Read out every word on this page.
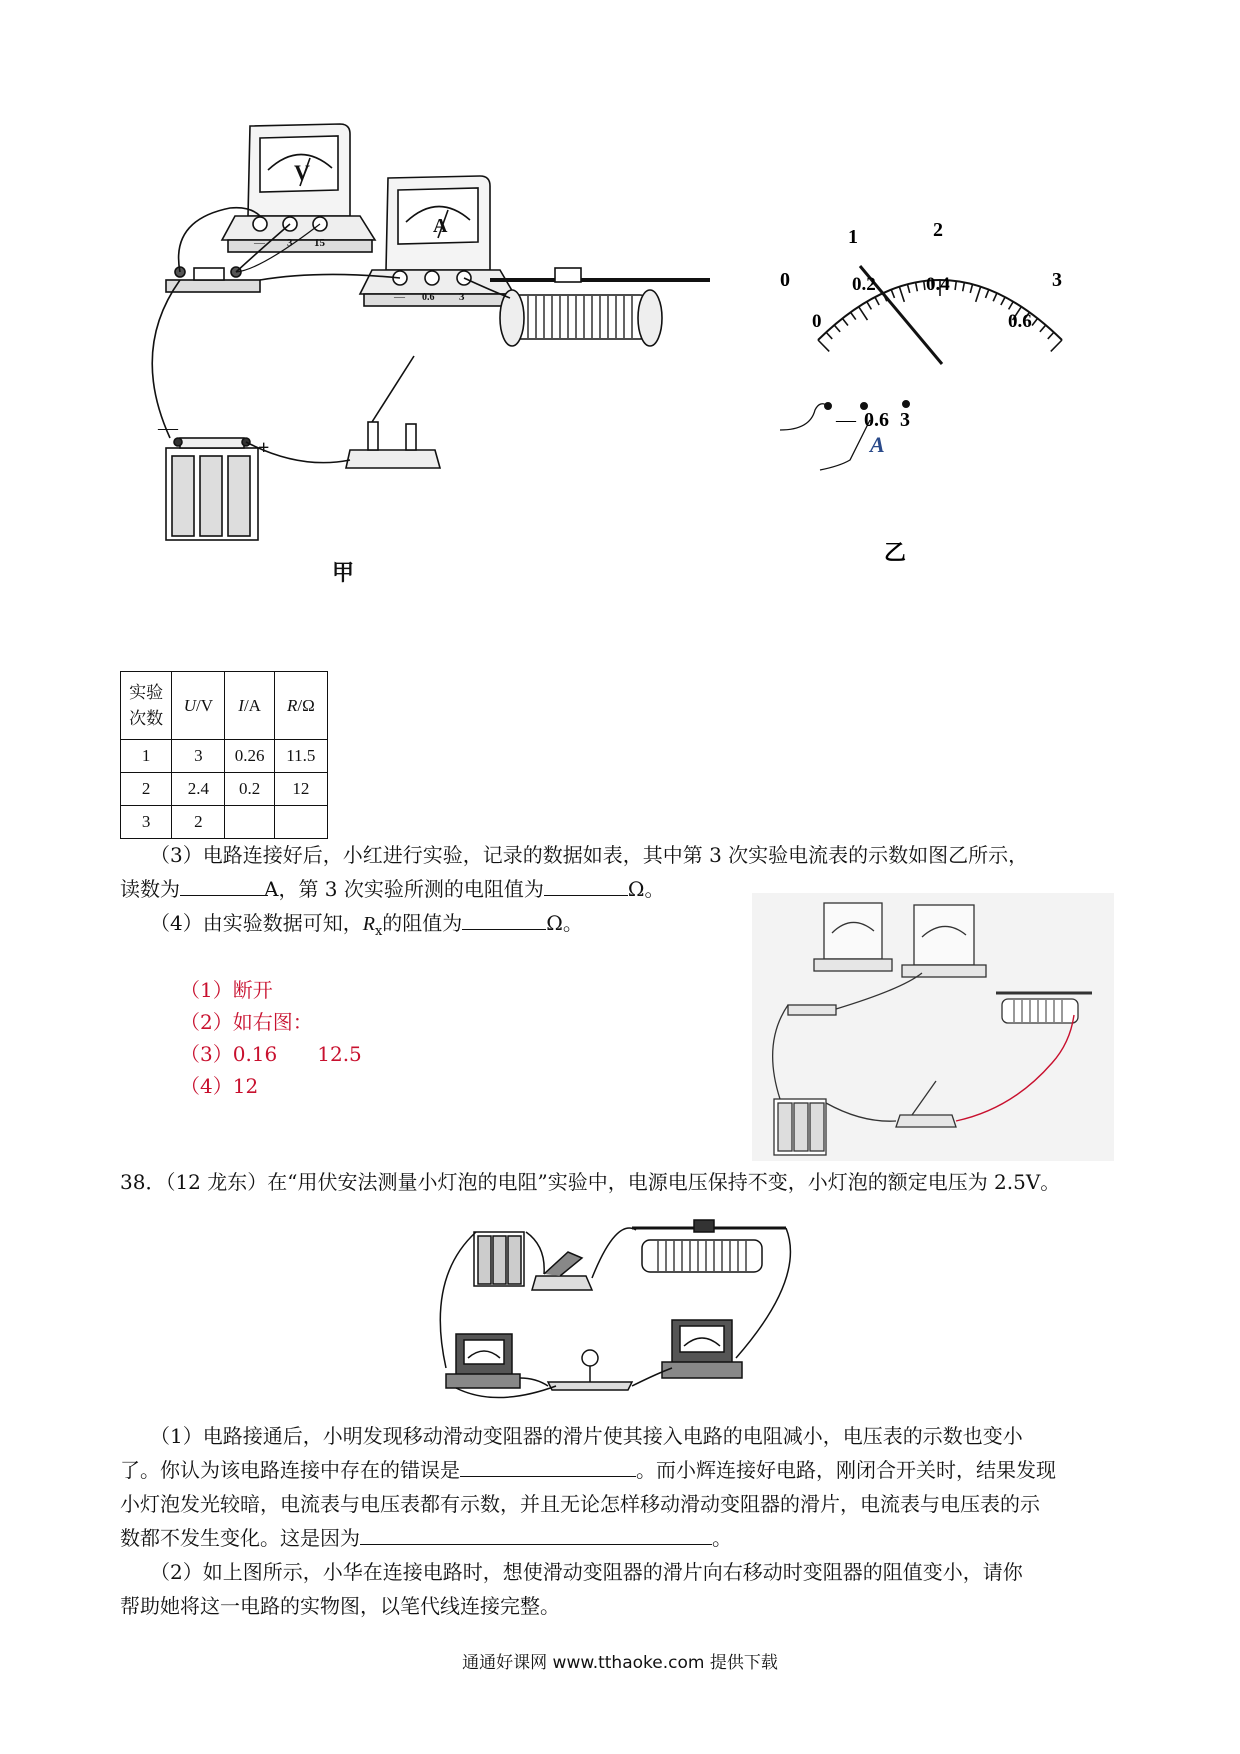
V
— 3 15
A
— 0.6 3
—
+
甲
0
1	2
3
0
0.2	0.4
0.6
— 0.6 3
A
乙
实验
次数	U/V	I/A	R/Ω
1	3	0.26	11.5
2	2.4	0.2	12
3	2		
（3）电路连接好后，小红进行实验，记录的数据如表，其中第 3 次实验电流表的示数如图乙所示，
读数为	A，第 3 次实验所测的电阻值为	Ω。
（4）由实验数据可知，$R_x$的阻值为	Ω。
（1）断开
（2）如右图：
（3）0.16　　12.5
（4）12
38．（12 龙东）在“用伏安法测量小灯泡的电阻”实验中，电源电压保持不变，小灯泡的额定电压为 2.5V。
（1）电路接通后，小明发现移动滑动变阻器的滑片使其接入电路的电阻减小，电压表的示数也变小
了。你认为该电路连接中存在的错误是	。而小辉连接好电路，刚闭合开关时，结果发现
小灯泡发光较暗，电流表与电压表都有示数，并且无论怎样移动滑动变阻器的滑片，电流表与电压表的示
数都不发生变化。这是因为	。
（2）如上图所示，小华在连接电路时，想使滑动变阻器的滑片向右移动时变阻器的阻值变小，请你
帮助她将这一电路的实物图，以笔代线连接完整。
通通好课网 www.tthaoke.com 提供下载
